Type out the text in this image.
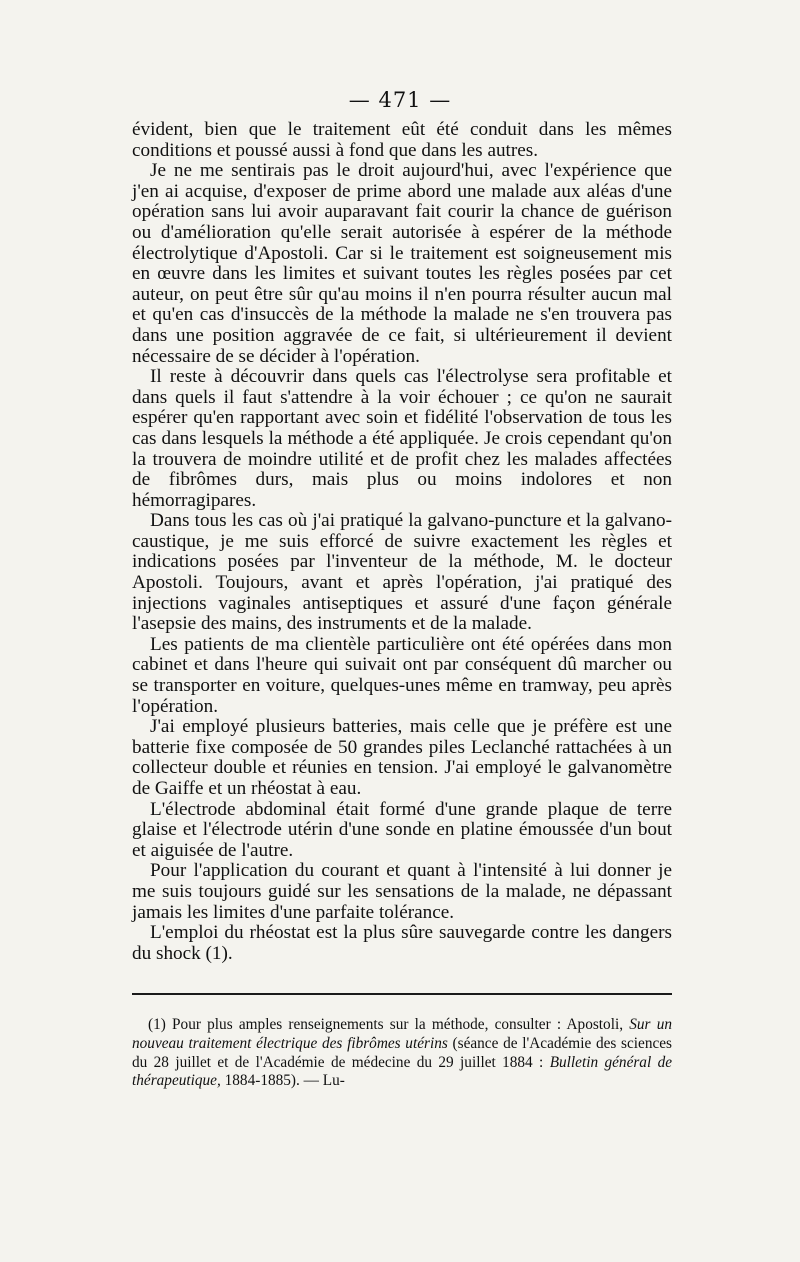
— 471 —

évident, bien que le traitement eût été conduit dans les mêmes conditions et poussé aussi à fond que dans les autres.

Je ne me sentirais pas le droit aujourd'hui, avec l'expérience que j'en ai acquise, d'exposer de prime abord une malade aux aléas d'une opération sans lui avoir auparavant fait courir la chance de guérison ou d'amélioration qu'elle serait autorisée à espérer de la méthode électrolytique d'Apostoli. Car si le traitement est soigneusement mis en œuvre dans les limites et suivant toutes les règles posées par cet auteur, on peut être sûr qu'au moins il n'en pourra résulter aucun mal et qu'en cas d'insuccès de la méthode la malade ne s'en trouvera pas dans une position aggravée de ce fait, si ultérieurement il devient nécessaire de se décider à l'opération.

Il reste à découvrir dans quels cas l'électrolyse sera profitable et dans quels il faut s'attendre à la voir échouer ; ce qu'on ne saurait espérer qu'en rapportant avec soin et fidélité l'observation de tous les cas dans lesquels la méthode a été appliquée. Je crois cependant qu'on la trouvera de moindre utilité et de profit chez les malades affectées de fibrômes durs, mais plus ou moins indolores et non hémorragipares.

Dans tous les cas où j'ai pratiqué la galvano-puncture et la galvano-caustique, je me suis efforcé de suivre exactement les règles et indications posées par l'inventeur de la méthode, M. le docteur Apostoli. Toujours, avant et après l'opération, j'ai pratiqué des injections vaginales antiseptiques et assuré d'une façon générale l'asepsie des mains, des instruments et de la malade.

Les patients de ma clientèle particulière ont été opérées dans mon cabinet et dans l'heure qui suivait ont par conséquent dû marcher ou se transporter en voiture, quelques-unes même en tramway, peu après l'opération.

J'ai employé plusieurs batteries, mais celle que je préfère est une batterie fixe composée de 50 grandes piles Leclanché rattachées à un collecteur double et réunies en tension. J'ai employé le galvanomètre de Gaiffe et un rhéostat à eau.

L'électrode abdominal était formé d'une grande plaque de terre glaise et l'électrode utérin d'une sonde en platine émoussée d'un bout et aiguisée de l'autre.

Pour l'application du courant et quant à l'intensité à lui donner je me suis toujours guidé sur les sensations de la malade, ne dépassant jamais les limites d'une parfaite tolérance.

L'emploi du rhéostat est la plus sûre sauvegarde contre les dangers du shock (1).

(1) Pour plus amples renseignements sur la méthode, consulter : Apostoli, Sur un nouveau traitement électrique des fibrômes utérins (séance de l'Académie des sciences du 28 juillet et de l'Académie de médecine du 29 juillet 1884 : Bulletin général de thérapeutique, 1884-1885). — Lu-
